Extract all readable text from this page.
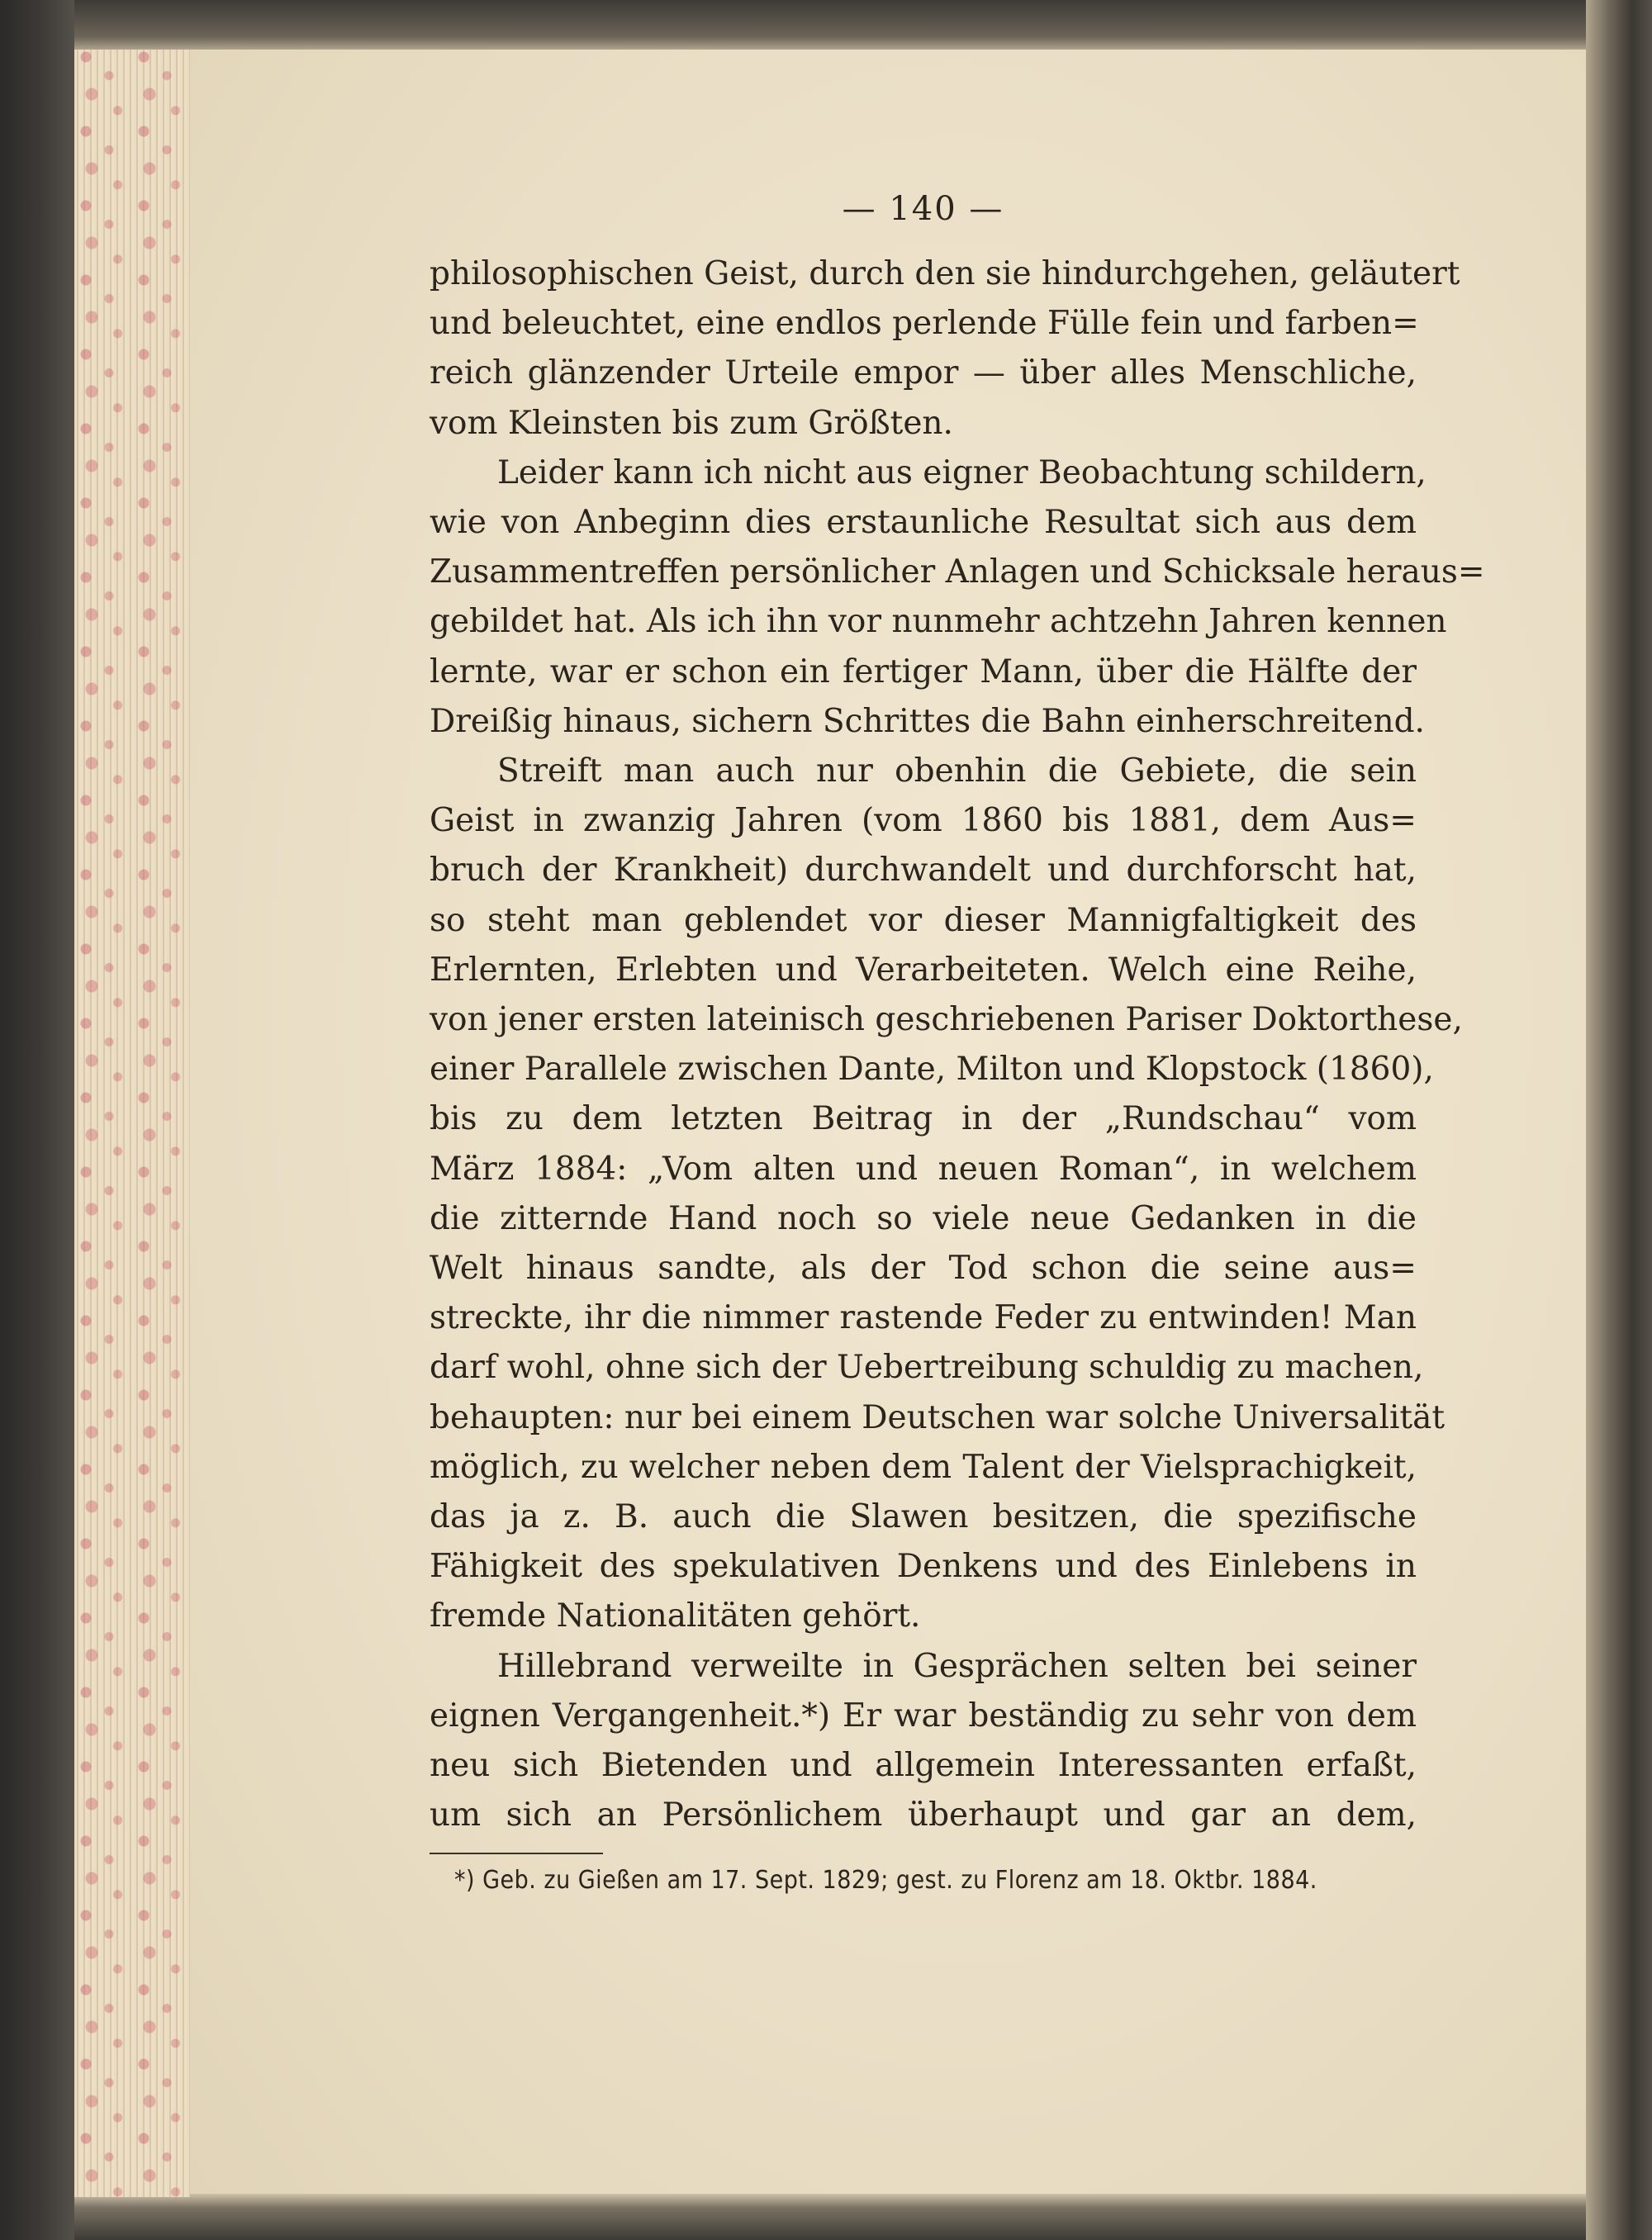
— 140 —

philosophischen Geist, durch den sie hindurchgehen, geläutert
und beleuchtet, eine endlos perlende Fülle fein und farben=
reich glänzender Urteile empor — über alles Menschliche,
vom Kleinsten bis zum Größten.

Leider kann ich nicht aus eigner Beobachtung schildern,
wie von Anbeginn dies erstaunliche Resultat sich aus dem
Zusammentreffen persönlicher Anlagen und Schicksale heraus=
gebildet hat. Als ich ihn vor nunmehr achtzehn Jahren kennen
lernte, war er schon ein fertiger Mann, über die Hälfte der
Dreißig hinaus, sichern Schrittes die Bahn einherschreitend.

Streift man auch nur obenhin die Gebiete, die sein
Geist in zwanzig Jahren (vom 1860 bis 1881, dem Aus=
bruch der Krankheit) durchwandelt und durchforscht hat,
so steht man geblendet vor dieser Mannigfaltigkeit des
Erlernten, Erlebten und Verarbeiteten. Welch eine Reihe,
von jener ersten lateinisch geschriebenen Pariser Doktorthese,
einer Parallele zwischen Dante, Milton und Klopstock (1860),
bis zu dem letzten Beitrag in der „Rundschau“ vom
März 1884: „Vom alten und neuen Roman“, in welchem
die zitternde Hand noch so viele neue Gedanken in die
Welt hinaus sandte, als der Tod schon die seine aus=
streckte, ihr die nimmer rastende Feder zu entwinden! Man
darf wohl, ohne sich der Uebertreibung schuldig zu machen,
behaupten: nur bei einem Deutschen war solche Universalität
möglich, zu welcher neben dem Talent der Vielsprachigkeit,
das ja z. B. auch die Slawen besitzen, die spezifische
Fähigkeit des spekulativen Denkens und des Einlebens in
fremde Nationalitäten gehört.

Hillebrand verweilte in Gesprächen selten bei seiner
eignen Vergangenheit.*) Er war beständig zu sehr von dem
neu sich Bietenden und allgemein Interessanten erfaßt,
um sich an Persönlichem überhaupt und gar an dem,

*) Geb. zu Gießen am 17. Sept. 1829; gest. zu Florenz am 18. Oktbr. 1884.
